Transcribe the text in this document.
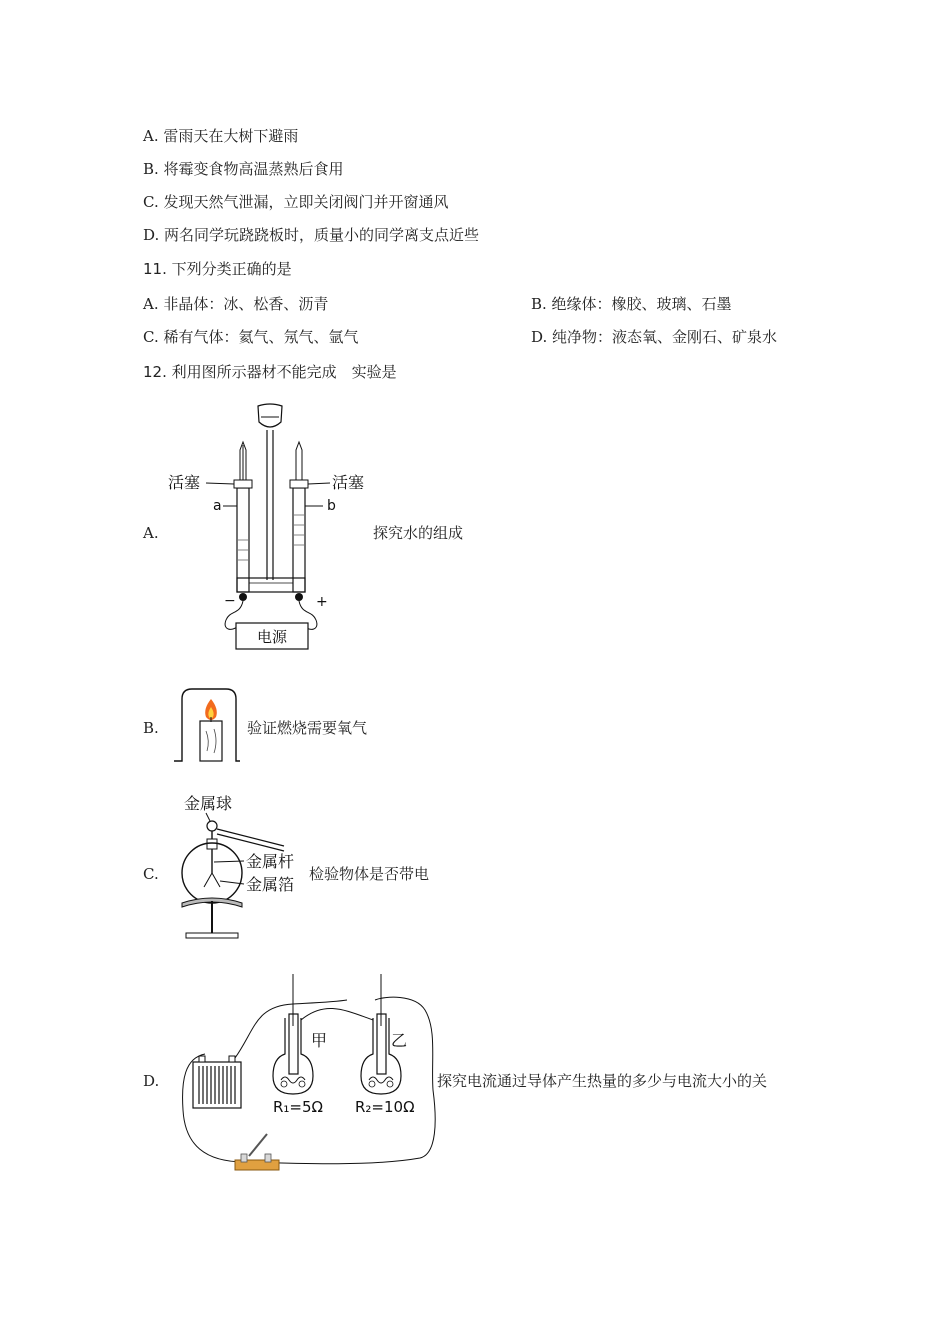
A. 雷雨天在大树下避雨
B. 将霉变食物高温蒸熟后食用
C. 发现天然气泄漏，立即关闭阀门并开窗通风
D. 两名同学玩跷跷板时，质量小的同学离支点近些
11. 下列分类正确的是
A. 非晶体：冰、松香、沥青	B. 绝缘体：橡胶、玻璃、石墨
C. 稀有气体：氦气、氖气、氩气	D. 纯净物：液态氧、金刚石、矿泉水
12. 利用图所示器材不能完成　实验是
A.	探究水的组成
电源
−	+
活塞	活塞
a	b
B.	验证燃烧需要氧气
C.	检验物体是否带电
金属球
金属杆
金属箔
D.	探究电流通过导体产生热量的多少与电流大小的关
甲
R₁=5Ω
乙
R₂=10Ω
